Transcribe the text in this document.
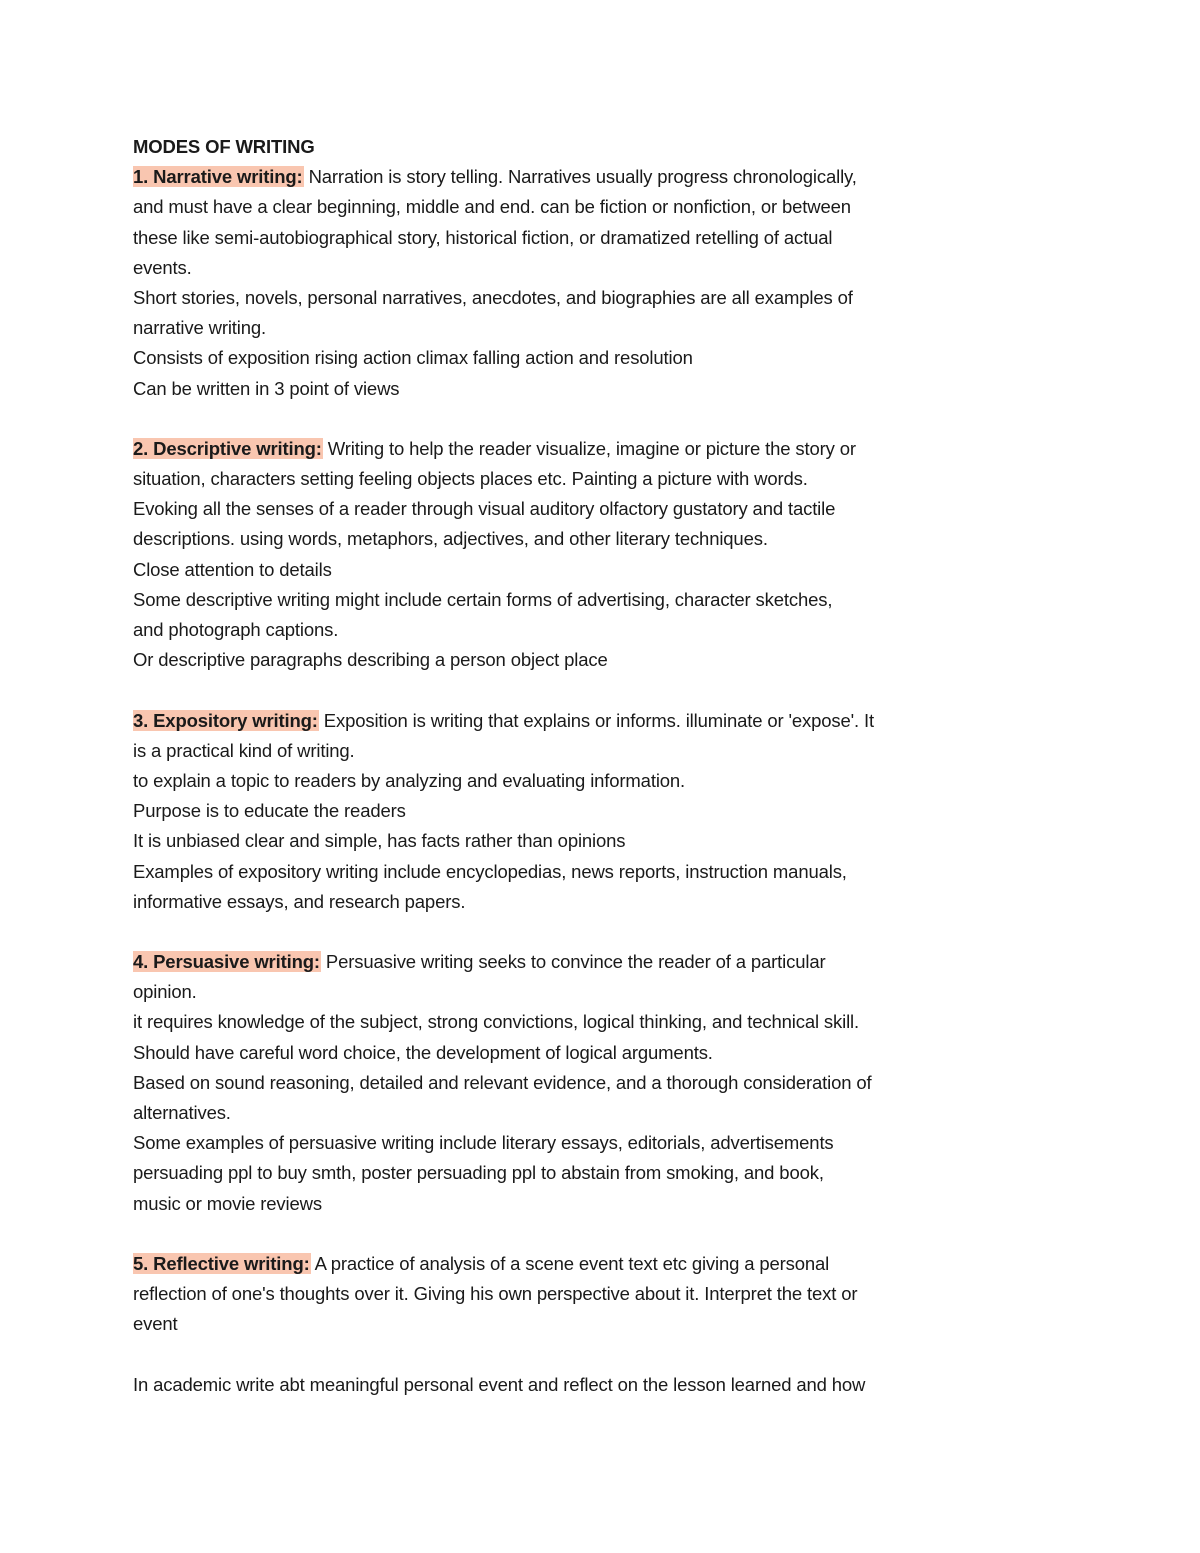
MODES OF WRITING
1. Narrative writing: Narration is story telling. Narratives usually progress chronologically,
and must have a clear beginning, middle and end. can be fiction or nonfiction, or between
these like semi-autobiographical story, historical fiction, or dramatized retelling of actual
events.
Short stories, novels, personal narratives, anecdotes, and biographies are all examples of
narrative writing.
Consists of exposition rising action climax falling action and resolution
Can be written in 3 point of views
2. Descriptive writing: Writing to help the reader visualize, imagine or picture the story or
situation, characters setting feeling objects places etc. Painting a picture with words.
Evoking all the senses of a reader through visual auditory olfactory gustatory and tactile
descriptions. using words, metaphors, adjectives, and other literary techniques.
Close attention to details
Some descriptive writing might include certain forms of advertising, character sketches,
and photograph captions.
Or descriptive paragraphs describing a person object place
3. Expository writing: Exposition is writing that explains or informs. illuminate or 'expose'. It
is a practical kind of writing.
to explain a topic to readers by analyzing and evaluating information.
Purpose is to educate the readers
It is unbiased clear and simple, has facts rather than opinions
Examples of expository writing include encyclopedias, news reports, instruction manuals,
informative essays, and research papers.
4. Persuasive writing: Persuasive writing seeks to convince the reader of a particular
opinion.
it requires knowledge of the subject, strong convictions, logical thinking, and technical skill.
Should have careful word choice, the development of logical arguments.
Based on sound reasoning, detailed and relevant evidence, and a thorough consideration of
alternatives.
Some examples of persuasive writing include literary essays, editorials, advertisements
persuading ppl to buy smth, poster persuading ppl to abstain from smoking, and book,
music or movie reviews
5. Reflective writing: A practice of analysis of a scene event text etc giving a personal
reflection of one's thoughts over it. Giving his own perspective about it. Interpret the text or
event
In academic write abt meaningful personal event and reflect on the lesson learned and how
